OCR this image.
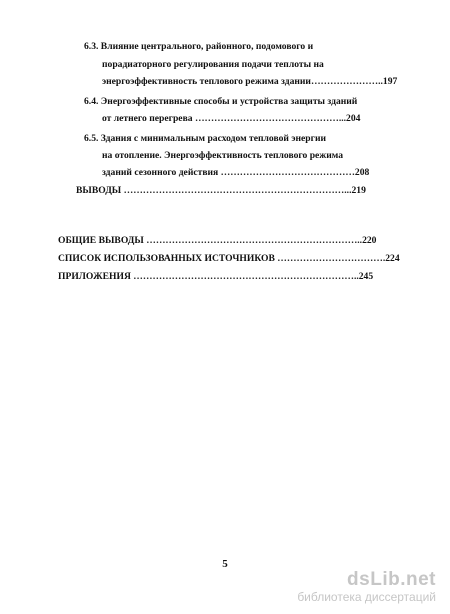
6.3. Влияние центрального, районного, подомового и
порадиаторного регулирования подачи теплоты на
энергоэффективность теплового режима здании…………………..197
6.4. Энергоэффективные способы и устройства защиты зданий
от летнего перегрева ………………………………………...204
6.5. Здания с минимальным расходом тепловой энергии
на отопление. Энергоэффективность теплового режима
зданий сезонного действия ……………………………………208
ВЫВОДЫ ……………………………………………………………...219
ОБЩИЕ ВЫВОДЫ …………………………………………………………..220
СПИСОК ИСПОЛЬЗОВАННЫХ ИСТОЧНИКОВ …………………………….224
ПРИЛОЖЕНИЯ ……………………………………………………………..245
5
dsLib.net
библиотека диссертаций
